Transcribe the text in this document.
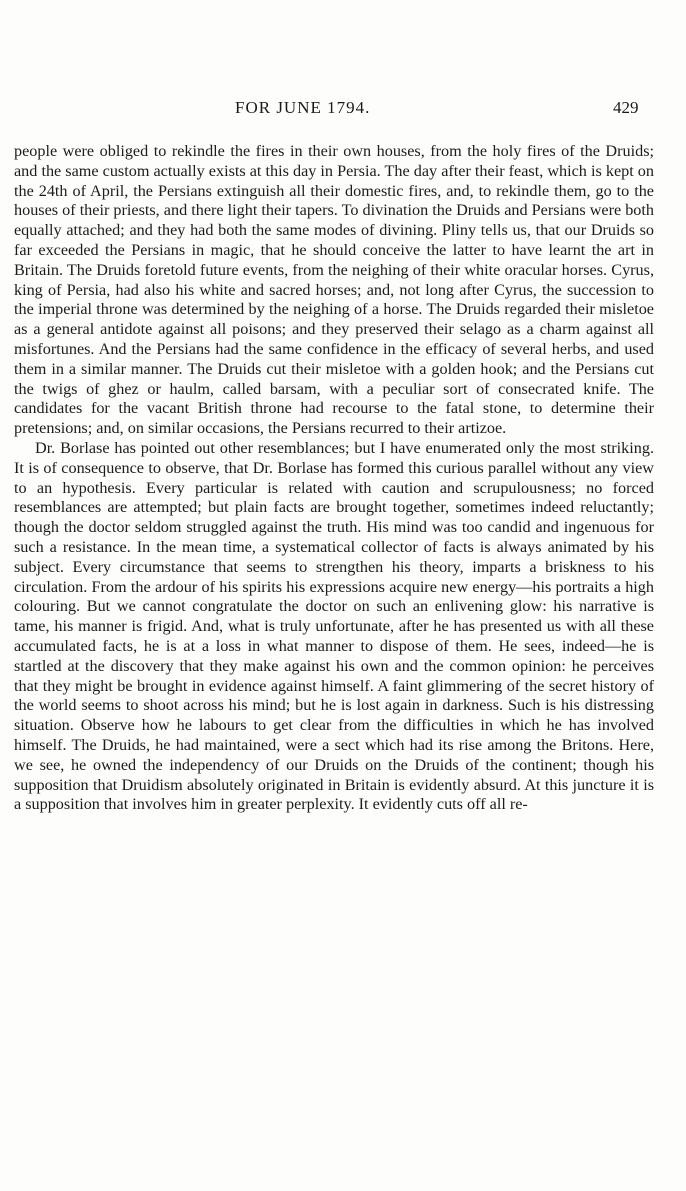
FOR JUNE 1794.	429

people were obliged to rekindle the fires in their own houses, from the holy fires of the Druids; and the same custom actually exists at this day in Persia. The day after their feast, which is kept on the 24th of April, the Persians extinguish all their domestic fires, and, to rekindle them, go to the houses of their priests, and there light their tapers. To divination the Druids and Persians were both equally attached; and they had both the same modes of divining. Pliny tells us, that our Druids so far exceeded the Persians in magic, that he should conceive the latter to have learnt the art in Britain. The Druids foretold future events, from the neighing of their white oracular horses. Cyrus, king of Persia, had also his white and sacred horses; and, not long after Cyrus, the succession to the imperial throne was determined by the neighing of a horse. The Druids regarded their misletoe as a general antidote against all poisons; and they preserved their selago as a charm against all misfortunes. And the Persians had the same confidence in the efficacy of several herbs, and used them in a similar manner. The Druids cut their misletoe with a golden hook; and the Persians cut the twigs of ghez or haulm, called barsam, with a peculiar sort of consecrated knife. The candidates for the vacant British throne had recourse to the fatal stone, to determine their pretensions; and, on similar occasions, the Persians recurred to their artizoe.

Dr. Borlase has pointed out other resemblances; but I have enumerated only the most striking. It is of consequence to observe, that Dr. Borlase has formed this curious parallel without any view to an hypothesis. Every particular is related with caution and scrupulousness; no forced resemblances are attempted; but plain facts are brought together, sometimes indeed reluctantly; though the doctor seldom struggled against the truth. His mind was too candid and ingenuous for such a resistance. In the mean time, a systematical collector of facts is always animated by his subject. Every circumstance that seems to strengthen his theory, imparts a briskness to his circulation. From the ardour of his spirits his expressions acquire new energy—his portraits a high colouring. But we cannot congratulate the doctor on such an enlivening glow: his narrative is tame, his manner is frigid. And, what is truly unfortunate, after he has presented us with all these accumulated facts, he is at a loss in what manner to dispose of them. He sees, indeed—he is startled at the discovery that they make against his own and the common opinion: he perceives that they might be brought in evidence against himself. A faint glimmering of the secret history of the world seems to shoot across his mind; but he is lost again in darkness. Such is his distressing situation. Observe how he labours to get clear from the difficulties in which he has involved himself. The Druids, he had maintained, were a sect which had its rise among the Britons. Here, we see, he owned the independency of our Druids on the Druids of the continent; though his supposition that Druidism absolutely originated in Britain is evidently absurd. At this juncture it is a supposition that involves him in greater perplexity. It evidently cuts off all re-
